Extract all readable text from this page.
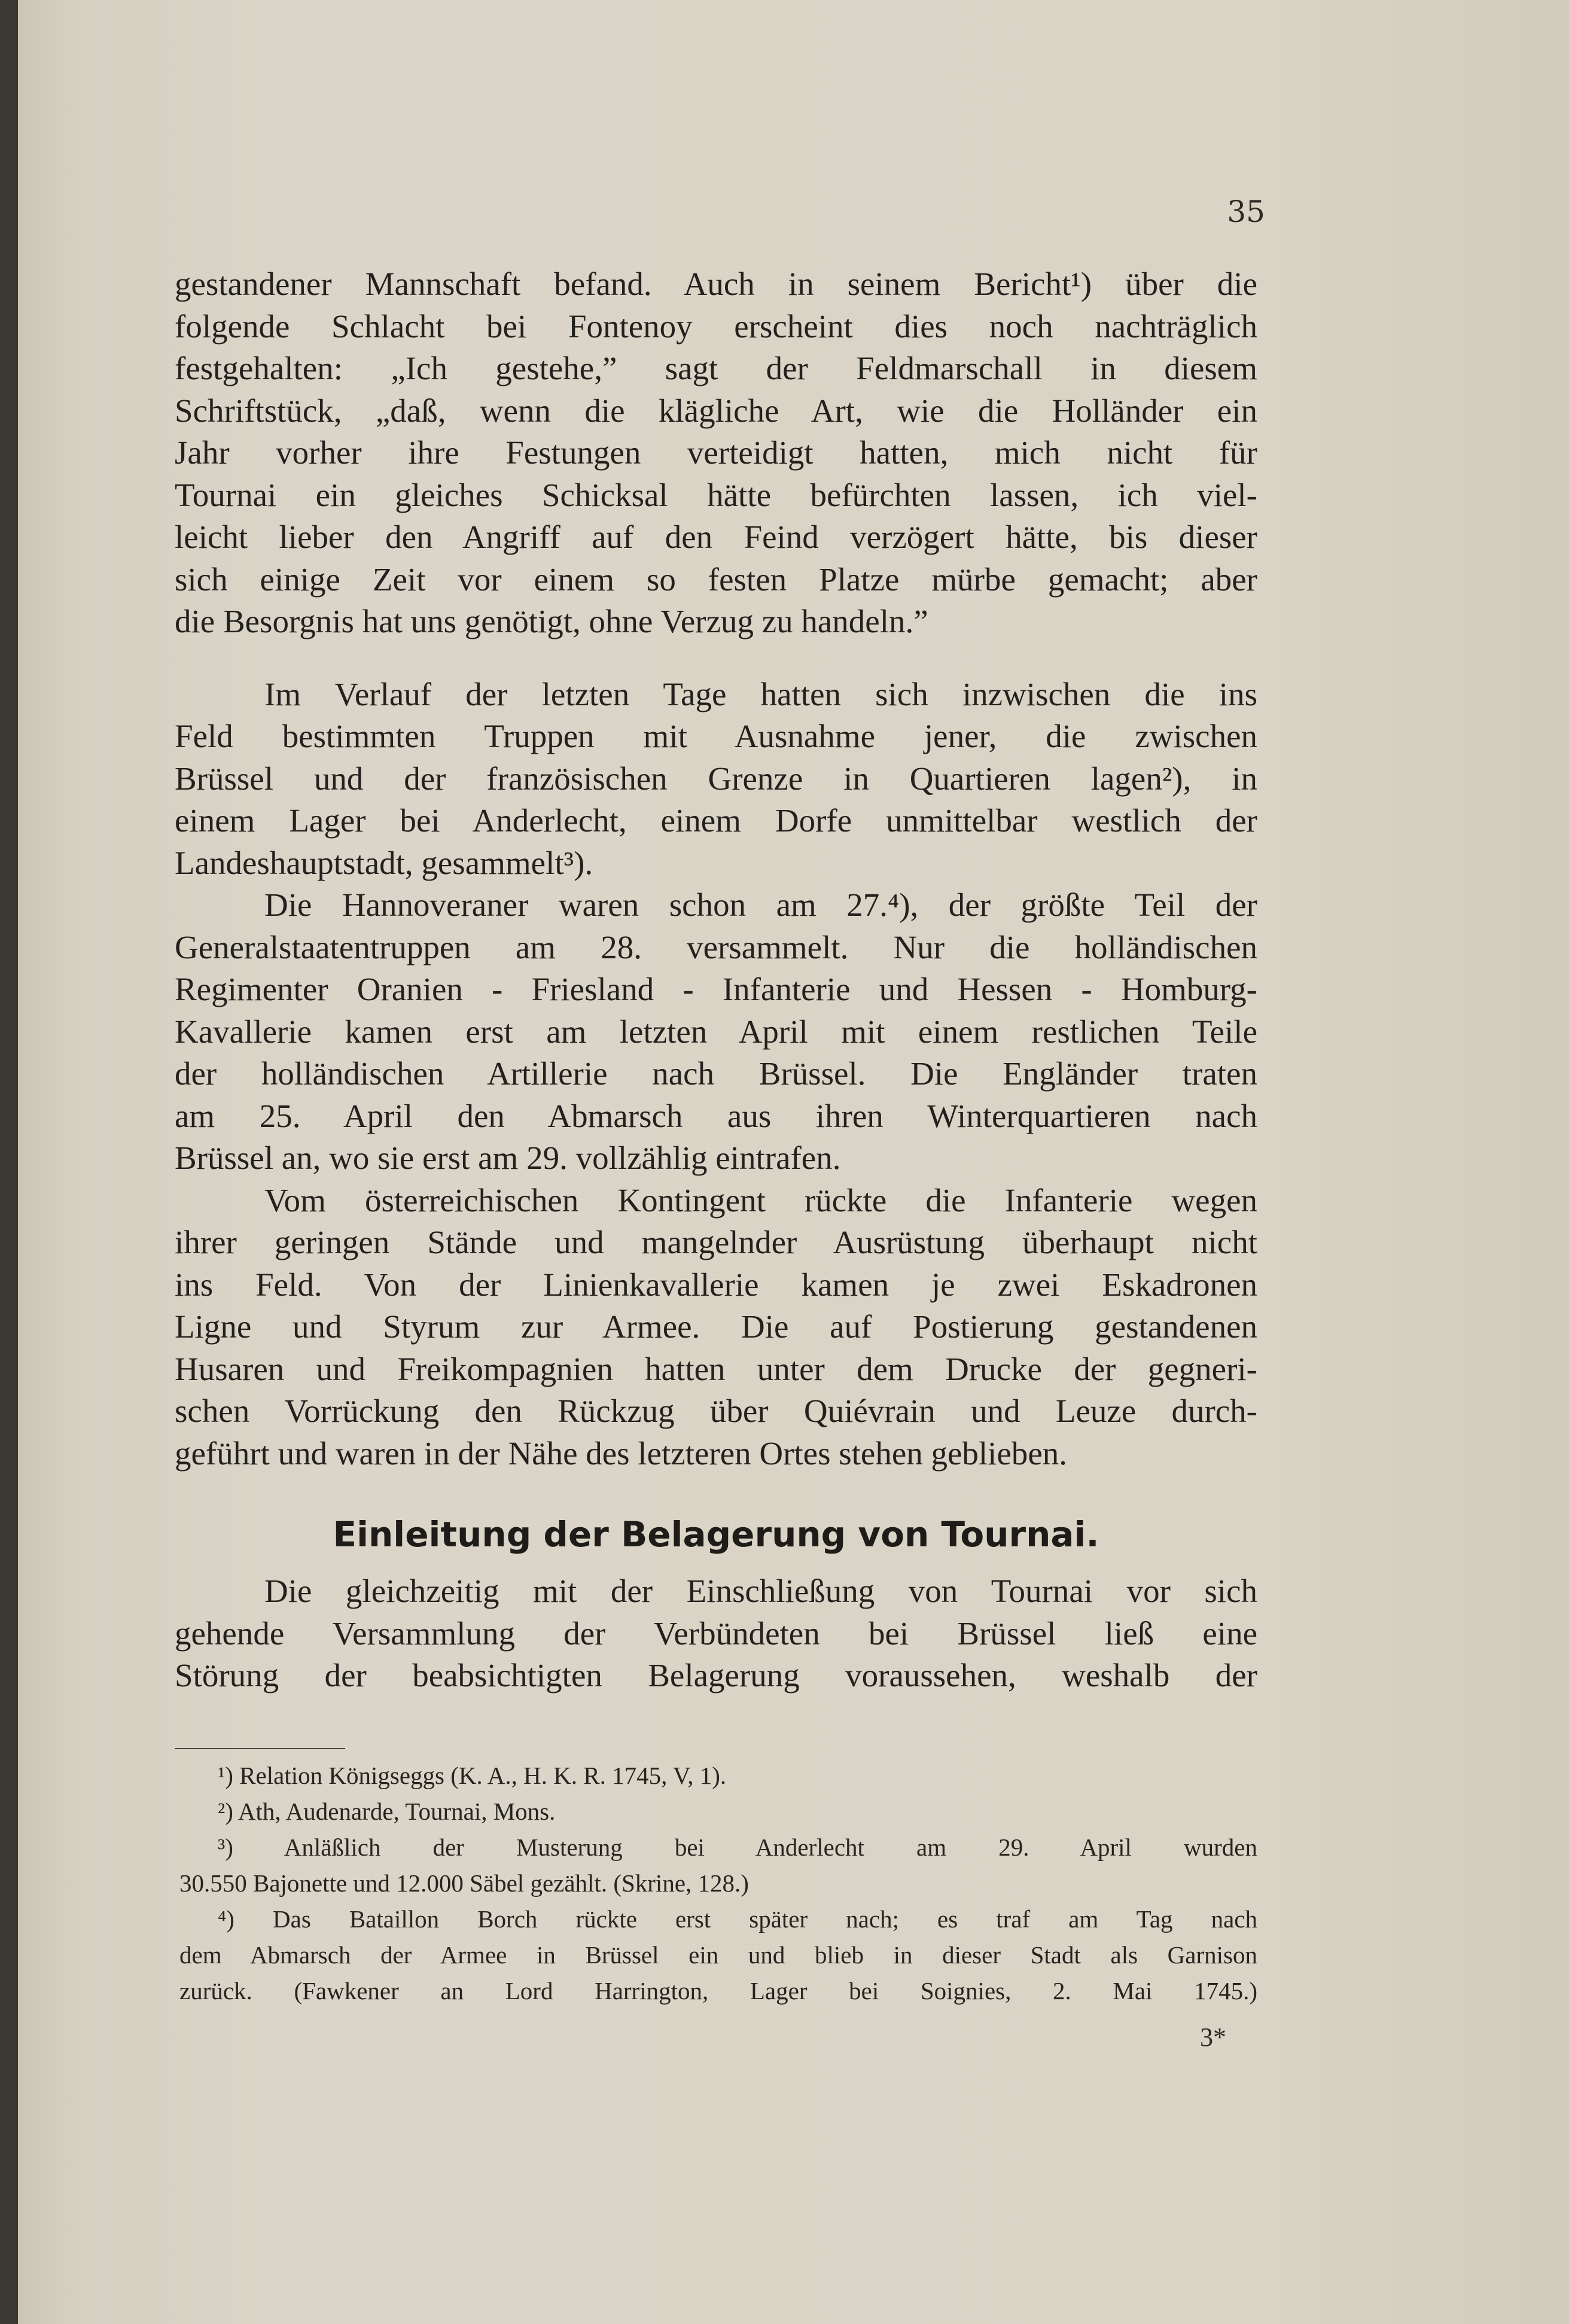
35
gestandener Mannschaft befand. Auch in seinem Bericht¹) über die
folgende Schlacht bei Fontenoy erscheint dies noch nachträglich
festgehalten: „Ich gestehe,” sagt der Feldmarschall in diesem
Schriftstück, „daß, wenn die klägliche Art, wie die Holländer ein
Jahr vorher ihre Festungen verteidigt hatten, mich nicht für
Tournai ein gleiches Schicksal hätte befürchten lassen, ich viel-
leicht lieber den Angriff auf den Feind verzögert hätte, bis dieser
sich einige Zeit vor einem so festen Platze mürbe gemacht; aber
die Besorgnis hat uns genötigt, ohne Verzug zu handeln.”
Im Verlauf der letzten Tage hatten sich inzwischen die ins
Feld bestimmten Truppen mit Ausnahme jener, die zwischen
Brüssel und der französischen Grenze in Quartieren lagen²), in
einem Lager bei Anderlecht, einem Dorfe unmittelbar westlich der
Landeshauptstadt, gesammelt³).
Die Hannoveraner waren schon am 27.⁴), der größte Teil der
Generalstaatentruppen am 28. versammelt. Nur die holländischen
Regimenter Oranien - Friesland - Infanterie und Hessen - Homburg-
Kavallerie kamen erst am letzten April mit einem restlichen Teile
der holländischen Artillerie nach Brüssel. Die Engländer traten
am 25. April den Abmarsch aus ihren Winterquartieren nach
Brüssel an, wo sie erst am 29. vollzählig eintrafen.
Vom österreichischen Kontingent rückte die Infanterie wegen
ihrer geringen Stände und mangelnder Ausrüstung überhaupt nicht
ins Feld. Von der Linienkavallerie kamen je zwei Eskadronen
Ligne und Styrum zur Armee. Die auf Postierung gestandenen
Husaren und Freikompagnien hatten unter dem Drucke der gegneri-
schen Vorrückung den Rückzug über Quiévrain und Leuze durch-
geführt und waren in der Nähe des letzteren Ortes stehen geblieben.
Einleitung der Belagerung von Tournai.
Die gleichzeitig mit der Einschließung von Tournai vor sich
gehende Versammlung der Verbündeten bei Brüssel ließ eine
Störung der beabsichtigten Belagerung voraussehen, weshalb der
¹) Relation Königseggs (K. A., H. K. R. 1745, V, 1).
²) Ath, Audenarde, Tournai, Mons.
³) Anläßlich der Musterung bei Anderlecht am 29. April wurden
30.550 Bajonette und 12.000 Säbel gezählt. (Skrine, 128.)
⁴) Das Bataillon Borch rückte erst später nach; es traf am Tag nach
dem Abmarsch der Armee in Brüssel ein und blieb in dieser Stadt als Garnison
zurück. (Fawkener an Lord Harrington, Lager bei Soignies, 2. Mai 1745.)
3*
